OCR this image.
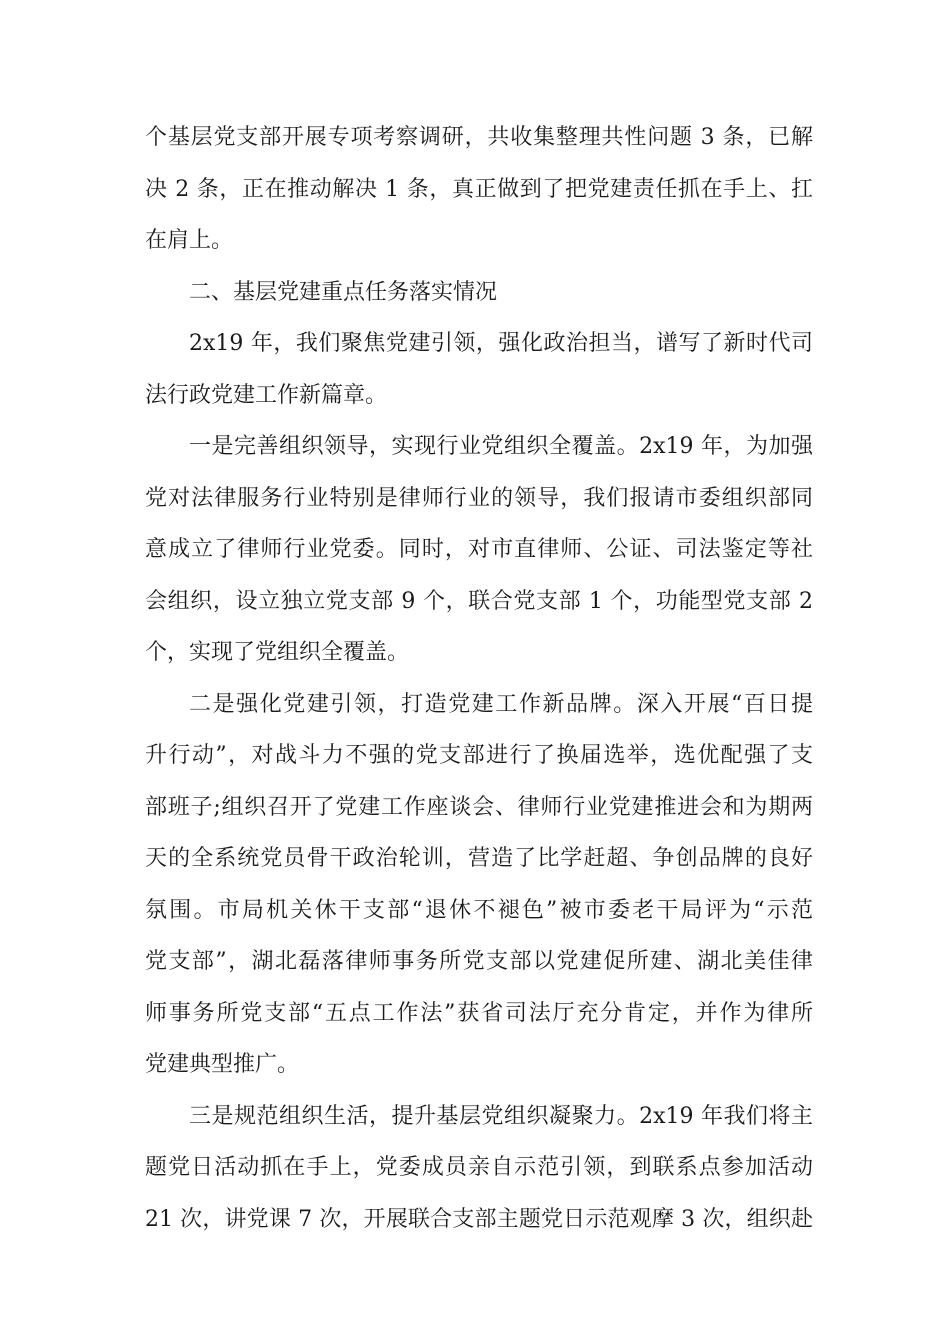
个基层党支部开展专项考察调研，共收集整理共性问题 3 条，已解
决 2 条，正在推动解决 1 条，真正做到了把党建责任抓在手上、扛
在肩上。
二、基层党建重点任务落实情况
2x19 年，我们聚焦党建引领，强化政治担当，谱写了新时代司
法行政党建工作新篇章。
一是完善组织领导，实现行业党组织全覆盖。2x19 年，为加强
党对法律服务行业特别是律师行业的领导，我们报请市委组织部同
意成立了律师行业党委。同时，对市直律师、公证、司法鉴定等社
会组织，设立独立党支部 9 个，联合党支部 1 个，功能型党支部 2
个，实现了党组织全覆盖。
二是强化党建引领，打造党建工作新品牌。深入开展“百日提
升行动”，对战斗力不强的党支部进行了换届选举，选优配强了支
部班子;组织召开了党建工作座谈会、律师行业党建推进会和为期两
天的全系统党员骨干政治轮训，营造了比学赶超、争创品牌的良好
氛围。市局机关休干支部“退休不褪色”被市委老干局评为“示范
党支部”，湖北磊落律师事务所党支部以党建促所建、湖北美佳律
师事务所党支部“五点工作法”获省司法厅充分肯定，并作为律所
党建典型推广。
三是规范组织生活，提升基层党组织凝聚力。2x19 年我们将主
题党日活动抓在手上，党委成员亲自示范引领，到联系点参加活动
21 次，讲党课 7 次，开展联合支部主题党日示范观摩 3 次，组织赴
